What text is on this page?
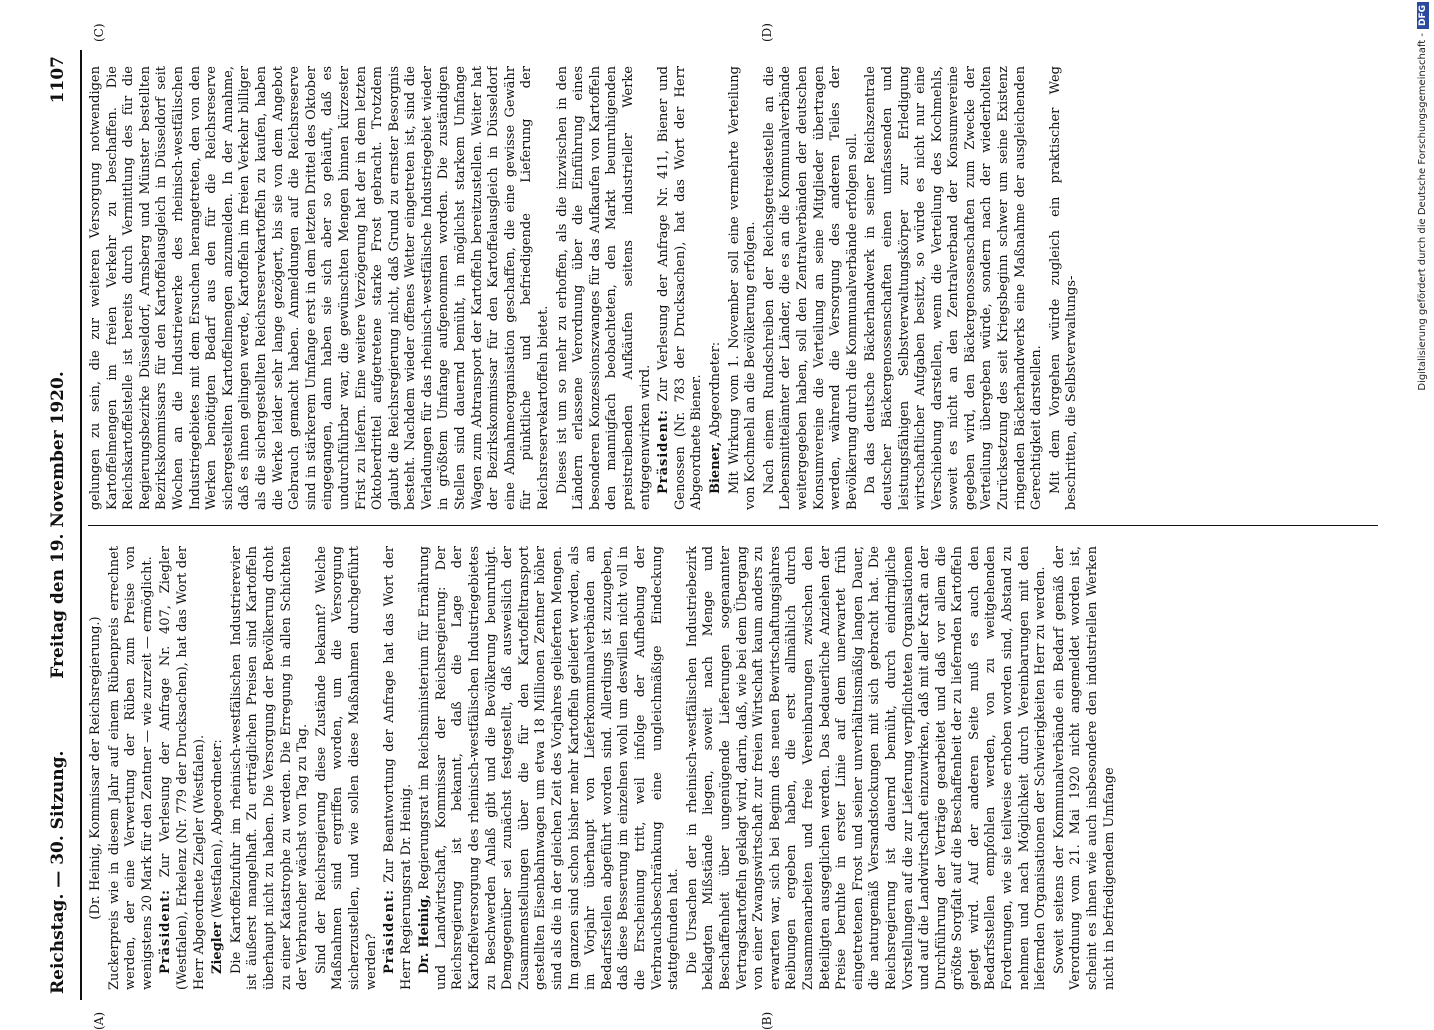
Reichstag. — 30. Sitzung.
Freitag den 19. November 1920.
1107
(A)	(B)
(C)	(D)

(Dr. Heinig, Kommissar der Reichsregierung.) Zuckerpreis wie in diesem Jahr auf einem Rübenpreis errechnet werden, der eine Verwertung der Rüben zum Preise von wenigstens 20 Mark für den Zentner — wie zurzeit — ermöglicht. Präsident: Zur Verlesung der Anfrage Nr. 407, Ziegler (Westfalen), Erkelenz (Nr. 779 der Drucksachen), hat das Wort der Herr Abgeordnete Ziegler (Westfalen). Ziegler (Westfalen), Abgeordneter: Die Kartoffelzufuhr im rheinisch-westfälischen Industrierevier ist äußerst mangelhaft. Zu erträglichen Preisen sind Kartoffeln überhaupt nicht zu haben. Die Versorgung der Bevölkerung droht zu einer Katastrophe zu werden. Die Erregung in allen Schichten der Verbraucher wächst von Tag zu Tag. Sind der Reichsregierung diese Zustände bekannt? Welche Maßnahmen sind ergriffen worden, um die Versorgung sicherzustellen, und wie sollen diese Maßnahmen durchgeführt werden? Präsident: Zur Beantwortung der Anfrage hat das Wort der Herr Regierungsrat Dr. Heinig. Dr. Heinig, Regierungsrat im Reichsministerium für Ernährung und Landwirtschaft, Kommissar der Reichsregierung: Der Reichsregierung ist bekannt, daß die Lage der Kartoffelversorgung des rheinisch-westfälischen Industriegebietes zu Beschwerden Anlaß gibt und die Bevölkerung beunruhigt. Demgegenüber sei zunächst festgestellt, daß ausweislich der Zusammenstellungen über die für den Kartoffeltransport gestellten Eisenbahnwagen um etwa 18 Millionen Zentner höher sind als die in der gleichen Zeit des Vorjahres gelieferten Mengen. Im ganzen sind schon bisher mehr Kartoffeln geliefert worden, als im Vorjahr überhaupt von Lieferkommunalverbänden an Bedarfsstellen abgeführt worden sind. Allerdings ist zuzugeben, daß diese Besserung im einzelnen wohl um deswillen nicht voll in die Erscheinung tritt, weil infolge der Aufhebung der Verbrauchsbeschränkung eine ungleichmäßige Eindeckung stattgefunden hat. Die Ursachen der in rheinisch-westfälischen Industriebezirk beklagten Mißstände liegen, soweit nach Menge und Beschaffenheit über ungenügende Lieferungen sogenannter Vertragskartoffeln geklagt wird, darin, daß, wie bei dem Übergang von einer Zwangswirtschaft zur freien Wirtschaft kaum anders zu erwarten war, sich bei Beginn des neuen Bewirtschaftungsjahres Reibungen ergeben haben, die erst allmählich durch Zusammenarbeiten und freie Vereinbarungen zwischen den Beteiligten ausgeglichen werden. Das bedauerliche Anziehen der Preise beruhte in erster Linie auf dem unerwartet früh eingetretenen Frost und seiner unverhältnismäßig langen Dauer, die naturgemäß Versandstockungen mit sich gebracht hat. Die Reichsregierung ist dauernd bemüht, durch eindringliche Vorstellungen auf die zur Lieferung verpflichteten Organisationen und auf die Landwirtschaft einzuwirken, daß mit aller Kraft an der Durchführung der Verträge gearbeitet und daß vor allem die größte Sorgfalt auf die Beschaffenheit der zu liefernden Kartoffeln gelegt wird. Auf der anderen Seite muß es auch den Bedarfsstellen empfohlen werden, von zu weitgehenden Forderungen, wie sie teilweise erhoben worden sind, Abstand zu nehmen und nach Möglichkeit durch Vereinbarungen mit den liefernden Organisationen der Schwierigkeiten Herr zu werden. Soweit seitens der Kommunalverbände ein Bedarf gemäß der Verordnung vom 21. Mai 1920 nicht angemeldet worden ist, scheint es ihnen wie auch insbesondere den industriellen Werken nicht in befriedigendem Umfange

gelungen zu sein, die zur weiteren Versorgung notwendigen Kartoffelmengen im freien Verkehr zu beschaffen. Die Reichskartoffelstelle ist bereits durch Vermittlung des für die Regierungsbezirke Düsseldorf, Arnsberg und Münster bestellten Bezirkskommissars für den Kartoffelausgleich in Düsseldorf seit Wochen an die Industriewerke des rheinisch-westfälischen Industriegebietes mit dem Ersuchen herangetreten, den von den Werken benötigten Bedarf aus den für die Reichsreserve sichergestellten Kartoffelmengen anzumelden. In der Annahme, daß es ihnen gelingen werde, Kartoffeln im freien Verkehr billiger als die sichergestellten Reichsreservekartoffeln zu kaufen, haben die Werke leider sehr lange gezögert, bis sie von dem Angebot Gebrauch gemacht haben. Anmeldungen auf die Reichsreserve sind in stärkerem Umfange erst in dem letzten Drittel des Oktober eingegangen, dann haben sie sich aber so gehäuft, daß es undurchführbar war, die gewünschten Mengen binnen kürzester Frist zu liefern. Eine weitere Verzögerung hat der in dem letzten Oktoberdrittel aufgetretene starke Frost gebracht. Trotzdem glaubt die Reichsregierung nicht, daß Grund zu ernster Besorgnis besteht. Nachdem wieder offenes Wetter eingetreten ist, sind die Verladungen für das rheinisch-westfälische Industriegebiet wieder in größtem Umfange aufgenommen worden. Die zuständigen Stellen sind dauernd bemüht, in möglichst starkem Umfange Wagen zum Abtransport der Kartoffeln bereitzustellen. Weiter hat der Bezirkskommissar für den Kartoffelausgleich in Düsseldorf eine Abnahmeorganisation geschaffen, die eine gewisse Gewähr für pünktliche und befriedigende Lieferung der Reichsreservekartoffeln bietet. Dieses ist um so mehr zu erhoffen, als die inzwischen in den Ländern erlassene Verordnung über die Einführung eines besonderen Konzessionszwanges für das Aufkaufen von Kartoffeln den mannigfach beobachteten, den Markt beunruhigenden preistreibenden Aufkäufen seitens industrieller Werke entgegenwirken wird. Präsident: Zur Verlesung der Anfrage Nr. 411, Biener und Genossen (Nr. 783 der Drucksachen), hat das Wort der Herr Abgeordnete Biener. Biener, Abgeordneter: Mit Wirkung vom 1. November soll eine vermehrte Verteilung von Kochmehl an die Bevölkerung erfolgen. Nach einem Rundschreiben der Reichsgetreidestelle an die Lebensmittelämter der Länder, die es an die Kommunalverbände weitergegeben haben, soll den Zentralverbänden der deutschen Konsumvereine die Verteilung an seine Mitglieder übertragen werden, während die Versorgung des anderen Teiles der Bevölkerung durch die Kommunalverbände erfolgen soll. Da das deutsche Bäckerhandwerk in seiner Reichszentrale deutscher Bäckergenossenschaften einen umfassenden und leistungsfähigen Selbstverwaltungskörper zur Erledigung wirtschaftlicher Aufgaben besitzt, so würde es nicht nur eine Verschiebung darstellen, wenn die Verteilung des Kochmehls, soweit es nicht an den Zentralverband der Konsumvereine gegeben wird, den Bäckergenossenschaften zum Zwecke der Verteilung übergeben würde, sondern nach der wiederholten Zurücksetzung des seit Kriegsbeginn schwer um seine Existenz ringenden Bäckerhandwerks eine Maßnahme der ausgleichenden Gerechtigkeit darstellen. Mit dem Vorgehen würde zugleich ein praktischer Weg beschritten, die Selbstverwaltungs-

Digitalisierung gefördert durch die Deutsche Forschungsgemeinschaft -DFG
